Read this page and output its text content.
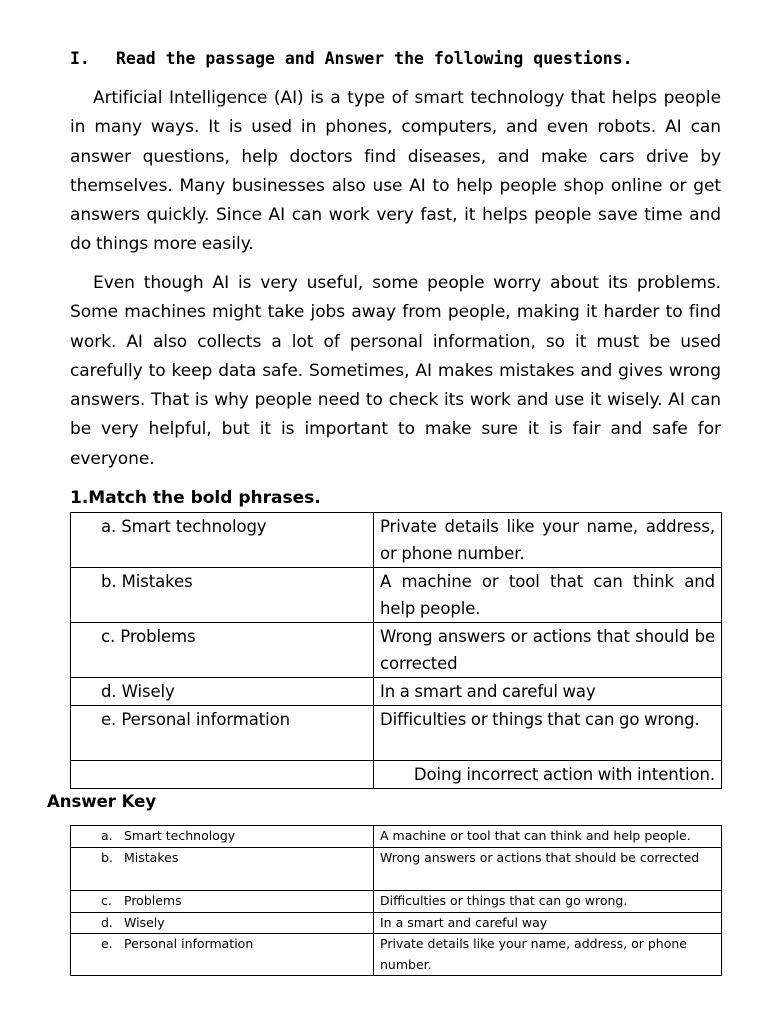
I. Read the passage and Answer the following questions.

Artificial Intelligence (AI) is a type of smart technology that helps people in many ways. It is used in phones, computers, and even robots. AI can answer questions, help doctors find diseases, and make cars drive by themselves. Many businesses also use AI to help people shop online or get answers quickly. Since AI can work very fast, it helps people save time and do things more easily.

Even though AI is very useful, some people worry about its problems. Some machines might take jobs away from people, making it harder to find work. AI also collects a lot of personal information, so it must be used carefully to keep data safe. Sometimes, AI makes mistakes and gives wrong answers. That is why people need to check its work and use it wisely. AI can be very helpful, but it is important to make sure it is fair and safe for everyone.

1.Match the bold phrases.
a. Smart technology	Private details like your name, address, or phone number.
b. Mistakes	A machine or tool that can think and help people.
c. Problems	Wrong answers or actions that should be corrected
d. Wisely	In a smart and careful way
e. Personal information	Difficulties or things that can go wrong.
	Doing incorrect action with intention.
Answer Key
a. Smart technology	A machine or tool that can think and help people.
b. Mistakes	Wrong answers or actions that should be corrected
c. Problems	Difficulties or things that can go wrong.
d. Wisely	In a smart and careful way
e. Personal information	Private details like your name, address, or phone number.
